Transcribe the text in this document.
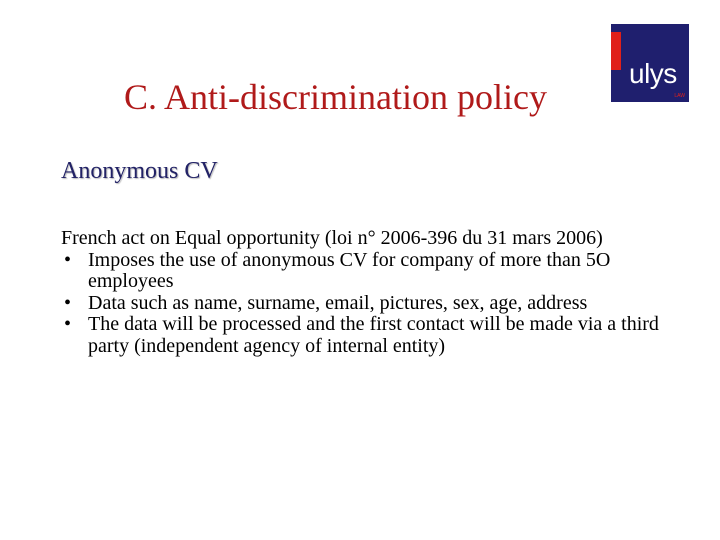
C. Anti-discrimination policy
ulys
LAW
Anonymous CV
French act on Equal opportunity (loi n° 2006-396 du 31 mars 2006)
• Imposes the use of anonymous CV for company of more than 5O employees
• Data such as name, surname, email, pictures, sex, age, address
• The data will be processed and the first contact will be made via a third party (independent agency of internal entity)
